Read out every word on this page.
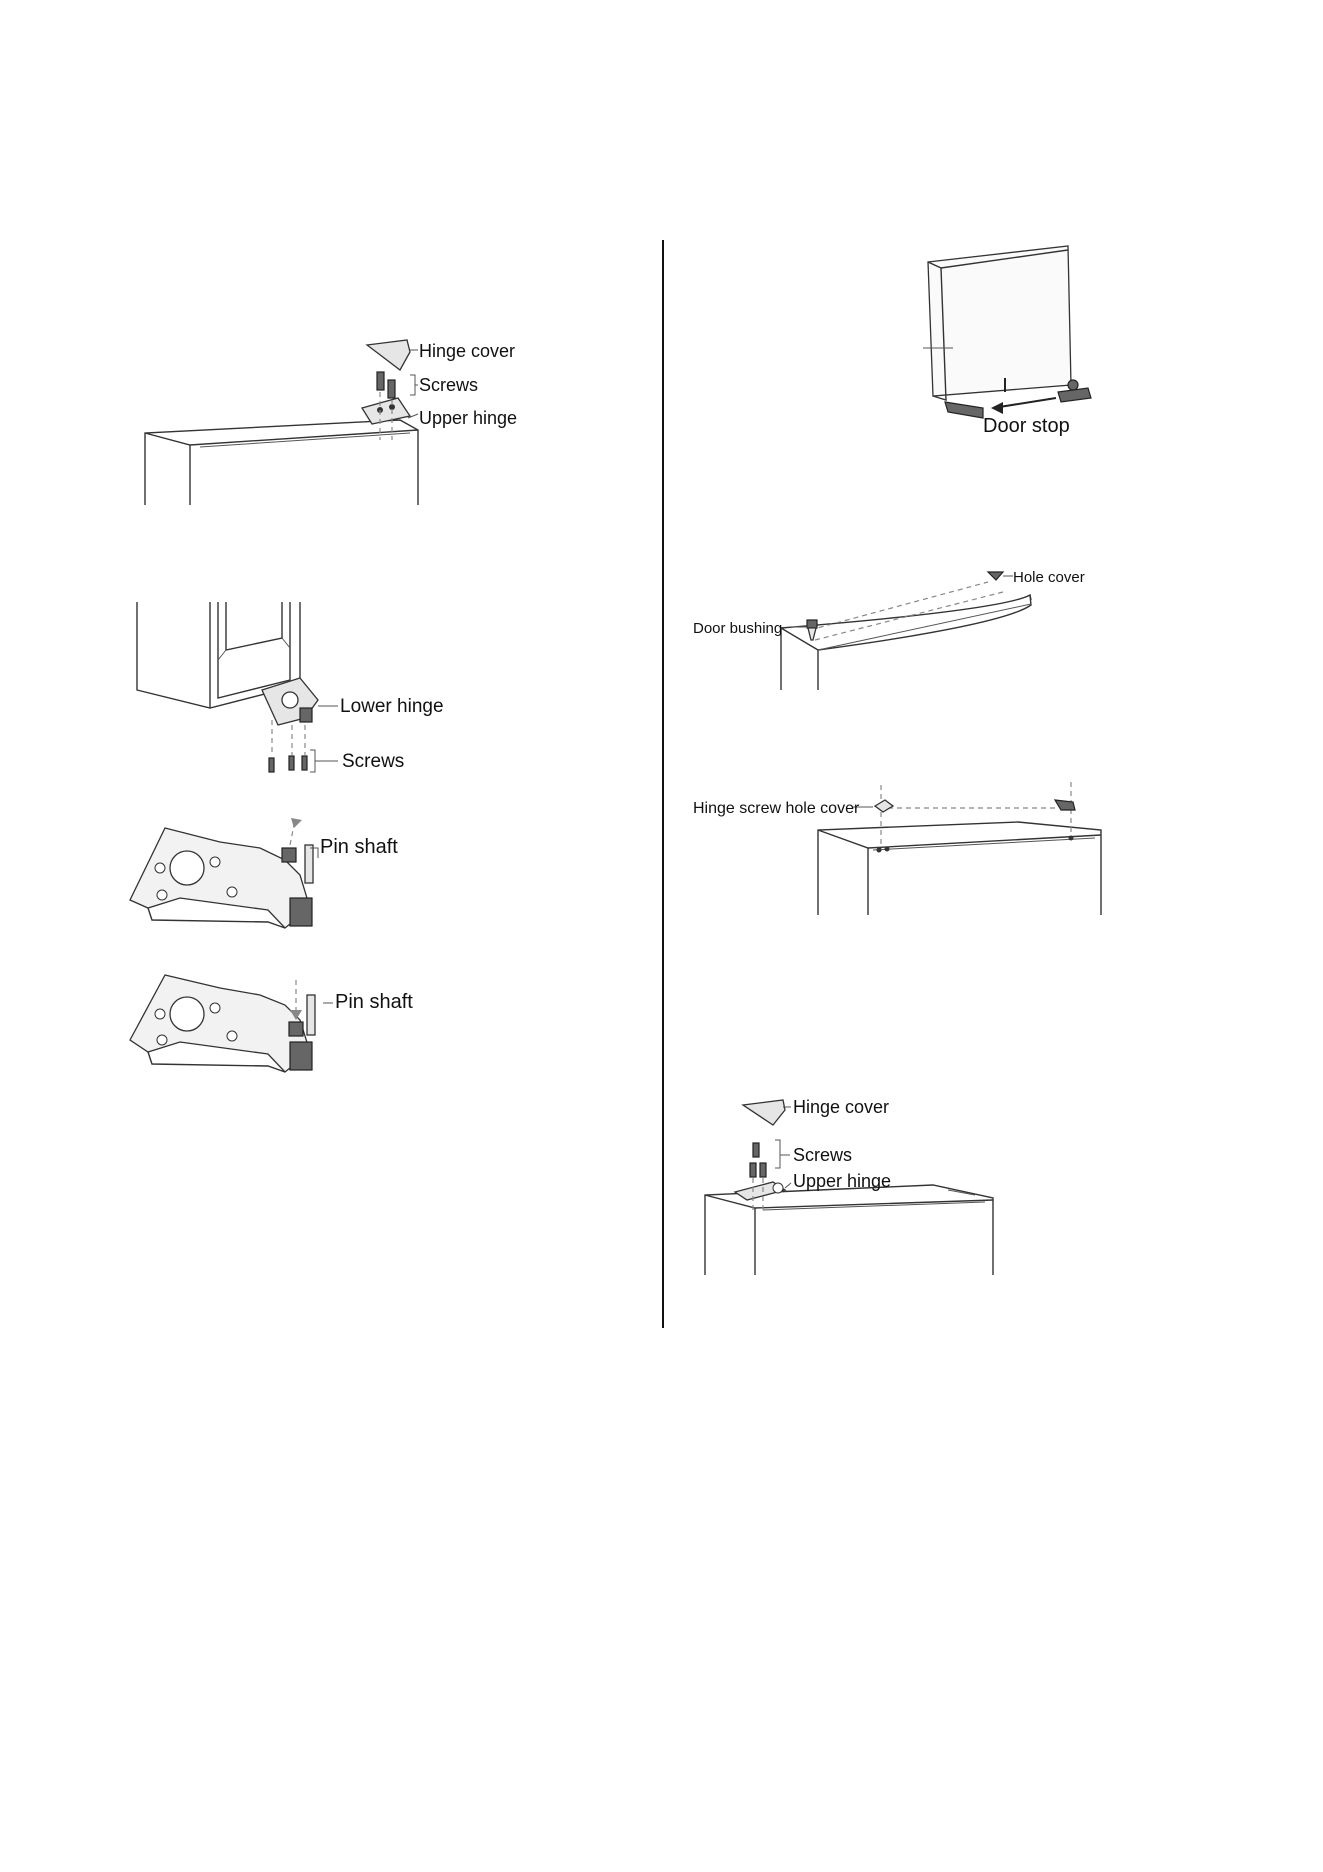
Hinge cover
Screws
Upper hinge	Door stop
Lower hinge
Screws
Hole cover
Door bushing
Pin shaft
Hinge screw hole cover
Pin shaft
Hinge cover
Screws
Upper hinge
